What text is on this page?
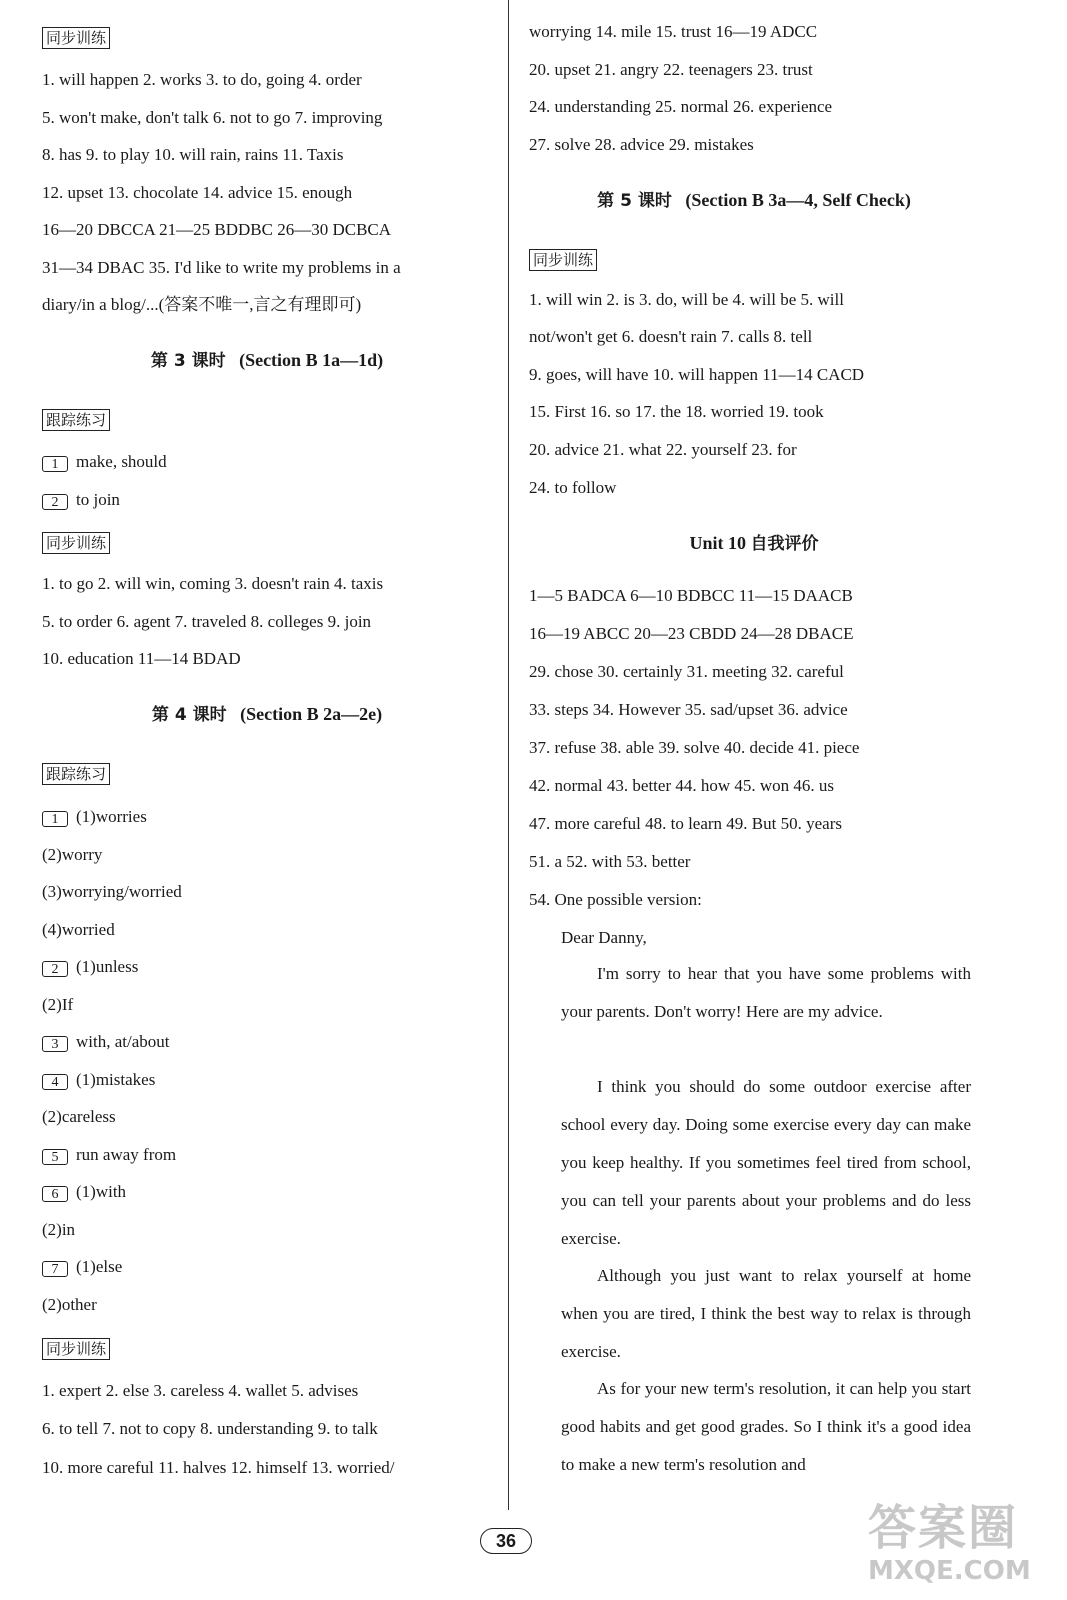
同步训练
1. will happen 2. works 3. to do, going 4. order
5. won't make, don't talk 6. not to go 7. improving
8. has 9. to play 10. will rain, rains 11. Taxis
12. upset 13. chocolate 14. advice 15. enough
16—20 DBCCA 21—25 BDDBC 26—30 DCBCA
31—34 DBAC 35. I'd like to write my problems in a
diary/in a blog/...(答案不唯一,言之有理即可)
第 3 课时 (Section B 1a—1d)
跟踪练习
1 make, should
2 to join
同步训练
1. to go 2. will win, coming 3. doesn't rain 4. taxis
5. to order 6. agent 7. traveled 8. colleges 9. join
10. education 11—14 BDAD
第 4 课时 (Section B 2a—2e)
跟踪练习
1 (1)worries
(2)worry
(3)worrying/worried
(4)worried
2 (1)unless
(2)If
3 with, at/about
4 (1)mistakes
(2)careless
5 run away from
6 (1)with
(2)in
7 (1)else
(2)other
同步训练
1. expert 2. else 3. careless 4. wallet 5. advises
6. to tell 7. not to copy 8. understanding 9. to talk
10. more careful 11. halves 12. himself 13. worried/
worrying 14. mile 15. trust 16—19 ADCC
20. upset 21. angry 22. teenagers 23. trust
24. understanding 25. normal 26. experience
27. solve 28. advice 29. mistakes
第 5 课时 (Section B 3a—4, Self Check)
同步训练
1. will win 2. is 3. do, will be 4. will be 5. will
not/won't get 6. doesn't rain 7. calls 8. tell
9. goes, will have 10. will happen 11—14 CACD
15. First 16. so 17. the 18. worried 19. took
20. advice 21. what 22. yourself 23. for
24. to follow
Unit 10 自我评价
1—5 BADCA 6—10 BDBCC 11—15 DAACB
16—19 ABCC 20—23 CBDD 24—28 DBACE
29. chose 30. certainly 31. meeting 32. careful
33. steps 34. However 35. sad/upset 36. advice
37. refuse 38. able 39. solve 40. decide 41. piece
42. normal 43. better 44. how 45. won 46. us
47. more careful 48. to learn 49. But 50. years
51. a 52. with 53. better
54. One possible version:
Dear Danny,
I'm sorry to hear that you have some problems with your parents. Don't worry! Here are my advice.
I think you should do some outdoor exercise after school every day. Doing some exercise every day can make you keep healthy. If you sometimes feel tired from school, you can tell your parents about your problems and do less exercise.
Although you just want to relax yourself at home when you are tired, I think the best way to relax is through exercise.
As for your new term's resolution, it can help you start good habits and get good grades. So I think it's a good idea to make a new term's resolution and
36	答案圈
MXQE.COM
